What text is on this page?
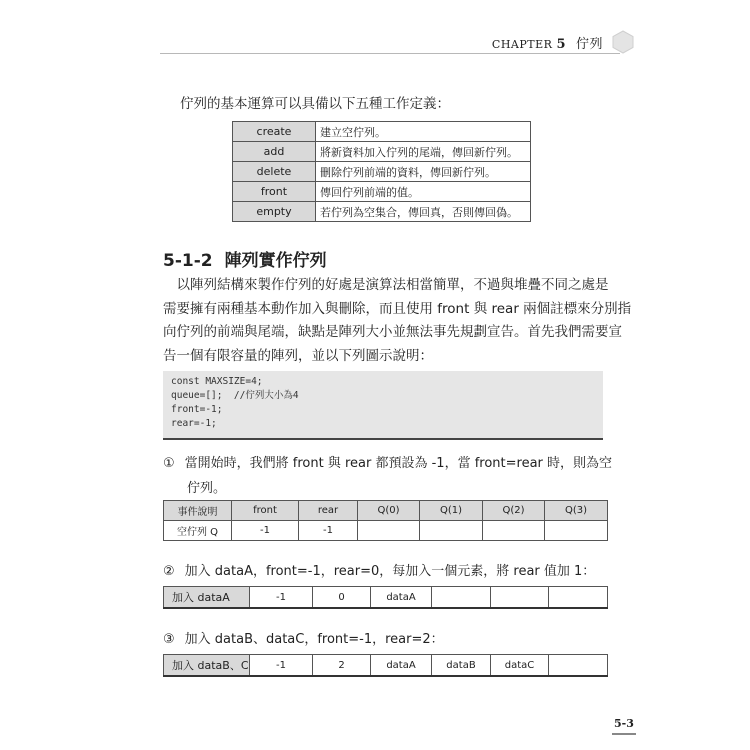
CHAPTER 5 佇列
佇列的基本運算可以具備以下五種工作定義：
create	建立空佇列。
add	將新資料加入佇列的尾端，傳回新佇列。
delete	刪除佇列前端的資料，傳回新佇列。
front	傳回佇列前端的值。
empty	若佇列為空集合，傳回真，否則傳回偽。
5-1-2 陣列實作佇列
　以陣列結構來製作佇列的好處是演算法相當簡單，不過與堆疊不同之處是
需要擁有兩種基本動作加入與刪除，而且使用 front 與 rear 兩個註標來分別指
向佇列的前端與尾端，缺點是陣列大小並無法事先規劃宣告。首先我們需要宣
告一個有限容量的陣列，並以下列圖示說明：
const MAXSIZE=4;
queue=[];  //佇列大小為4
front=-1;
rear=-1;
① 當開始時，我們將 front 與 rear 都預設為 -1，當 front=rear 時，則為空
佇列。
事件說明	front	rear	Q(0)	Q(1)	Q(2)	Q(3)
空佇列 Q	-1	-1				
② 加入 dataA，front=-1，rear=0，每加入一個元素，將 rear 值加 1：
加入 dataA	-1	0	dataA			
③ 加入 dataB、dataC，front=-1，rear=2：
加入 dataB、C	-1	2	dataA	dataB	dataC	
5-3
